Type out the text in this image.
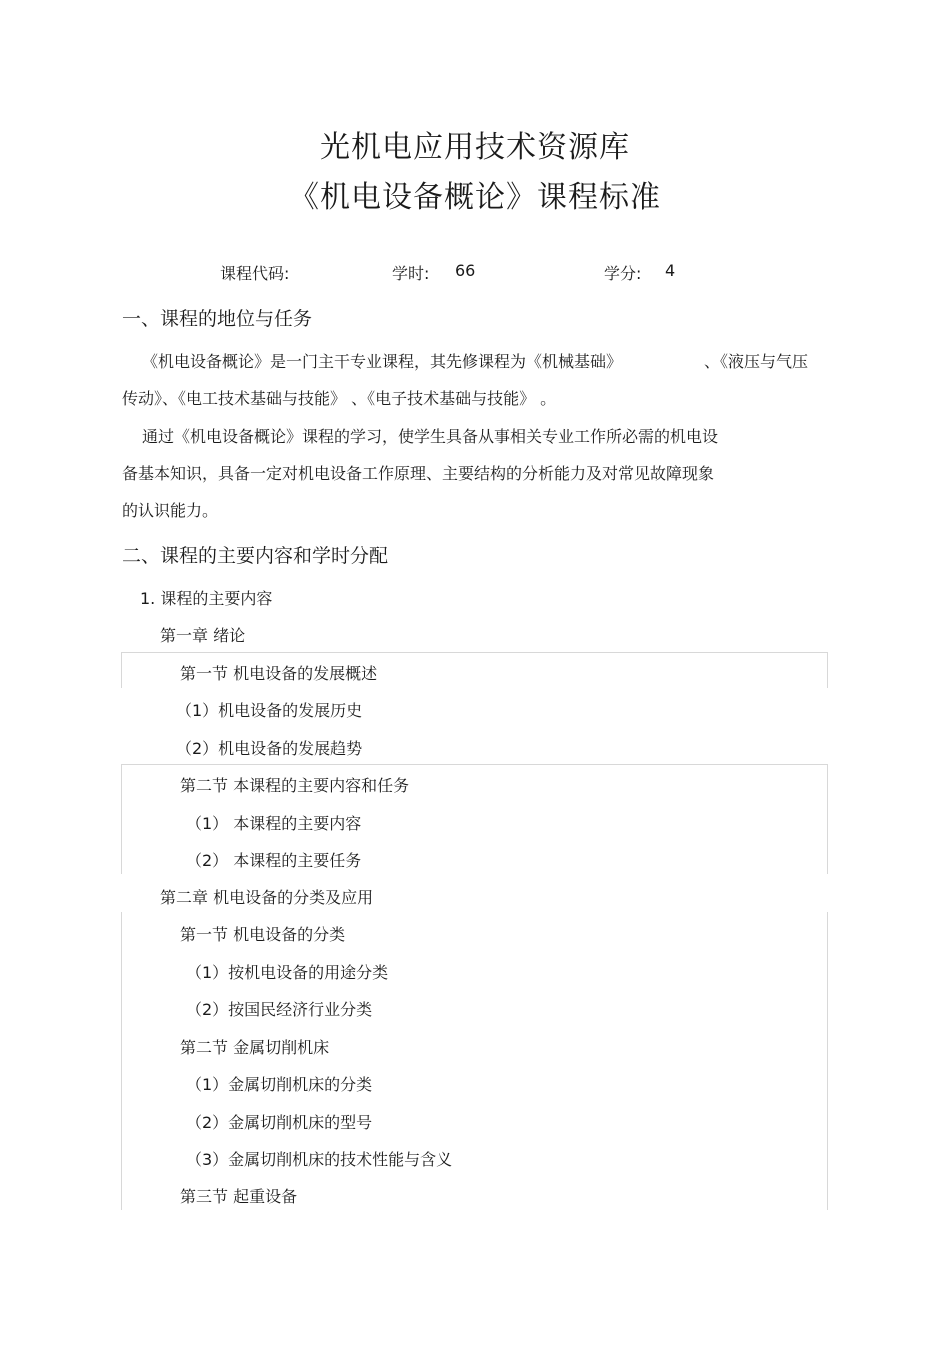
光机电应用技术资源库
《机电设备概论》课程标准
课程代码:	学时: 66	学分: 4
一、课程的地位与任务
《机电设备概论》是一门主干专业课程，其先修课程为《机械基础》	、《液压与气压
传动》、《电工技术基础与技能》 、《电子技术基础与技能》 。
通过《机电设备概论》课程的学习，使学生具备从事相关专业工作所必需的机电设
备基本知识，具备一定对机电设备工作原理、主要结构的分析能力及对常见故障现象
的认识能力。
二、课程的主要内容和学时分配
1. 课程的主要内容
第一章 绪论
第一节 机电设备的发展概述
（1）机电设备的发展历史
（2）机电设备的发展趋势
第二节 本课程的主要内容和任务
（1） 本课程的主要内容
（2） 本课程的主要任务
第二章 机电设备的分类及应用
第一节 机电设备的分类
（1）按机电设备的用途分类
（2）按国民经济行业分类
第二节 金属切削机床
（1）金属切削机床的分类
（2）金属切削机床的型号
（3）金属切削机床的技术性能与含义
第三节 起重设备
